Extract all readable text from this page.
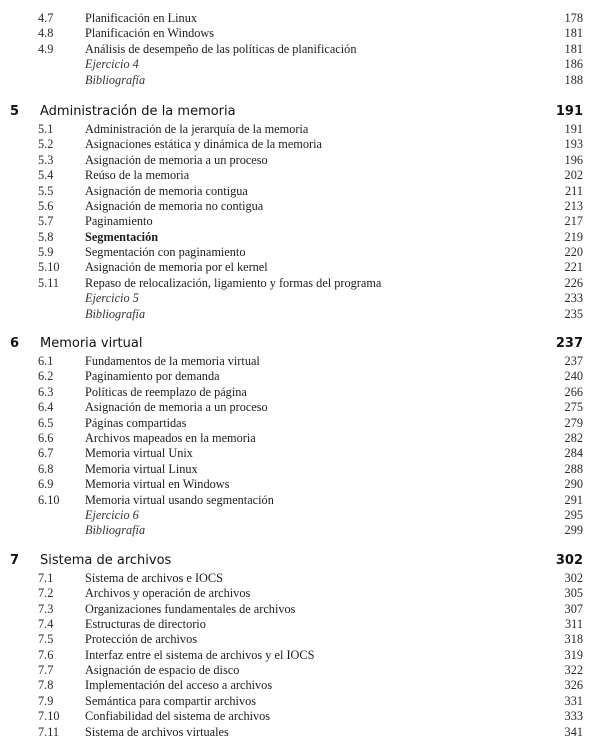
4.7	Planificación en Linux	178
4.8	Planificación en Windows	181
4.9	Análisis de desempeño de las políticas de planificación	181
Ejercicio 4	186
Bibliografía	188
5 Administración de la memoria	191
5.1	Administración de la jerarquía de la memoria	191
5.2	Asignaciones estática y dinámica de la memoria	193
5.3	Asignación de memoria a un proceso	196
5.4	Reúso de la memoria	202
5.5	Asignación de memoria contigua	211
5.6	Asignación de memoria no contigua	213
5.7	Paginamiento	217
5.8	Segmentación	219
5.9	Segmentación con paginamiento	220
5.10 Asignación de memoria por el kernel	221
5.11 Repaso de relocalización, ligamiento y formas del programa	226
Ejercicio 5	233
Bibliografía	235
6 Memoria virtual	237
6.1	Fundamentos de la memoria virtual	237
6.2	Paginamiento por demanda	240
6.3	Políticas de reemplazo de página	266
6.4	Asignación de memoria a un proceso	275
6.5	Páginas compartidas	279
6.6	Archivos mapeados en la memoria	282
6.7	Memoria virtual Unix	284
6.8	Memoria virtual Linux	288
6.9	Memoria virtual en Windows	290
6.10 Memoria virtual usando segmentación	291
Ejercicio 6	295
Bibliografía	299
7 Sistema de archivos	302
7.1	Sistema de archivos e IOCS	302
7.2	Archivos y operación de archivos	305
7.3	Organizaciones fundamentales de archivos	307
7.4	Estructuras de directorio	311
7.5	Protección de archivos	318
7.6	Interfaz entre el sistema de archivos y el IOCS	319
7.7	Asignación de espacio de disco	322
7.8	Implementación del acceso a archivos	326
7.9	Semántica para compartir archivos	331
7.10 Confiabilidad del sistema de archivos	333
7.11 Sistema de archivos virtuales	341
